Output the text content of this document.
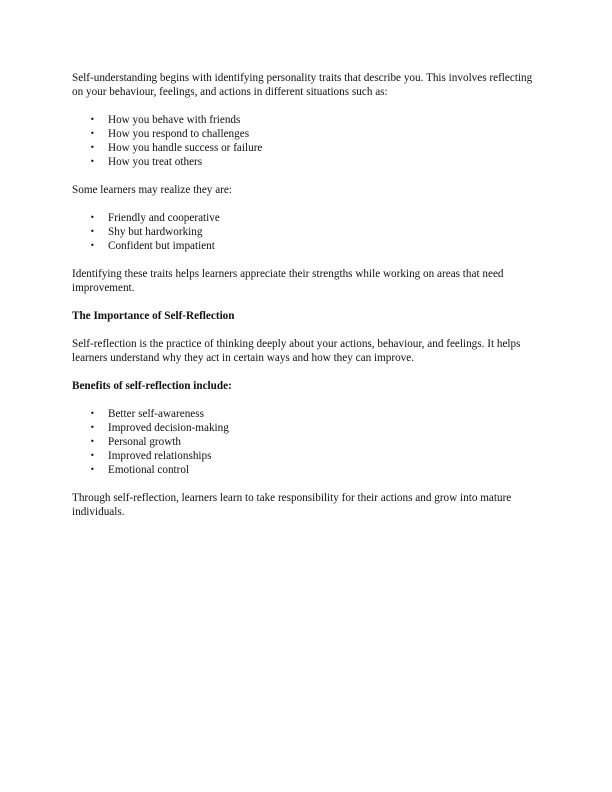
Self-understanding begins with identifying personality traits that describe you. This involves reflecting on your behaviour, feelings, and actions in different situations such as:

• How you behave with friends
• How you respond to challenges
• How you handle success or failure
• How you treat others

Some learners may realize they are:

• Friendly and cooperative
• Shy but hardworking
• Confident but impatient

Identifying these traits helps learners appreciate their strengths while working on areas that need improvement.

The Importance of Self-Reflection

Self-reflection is the practice of thinking deeply about your actions, behaviour, and feelings. It helps learners understand why they act in certain ways and how they can improve.

Benefits of self-reflection include:

• Better self-awareness
• Improved decision-making
• Personal growth
• Improved relationships
• Emotional control

Through self-reflection, learners learn to take responsibility for their actions and grow into mature individuals.
